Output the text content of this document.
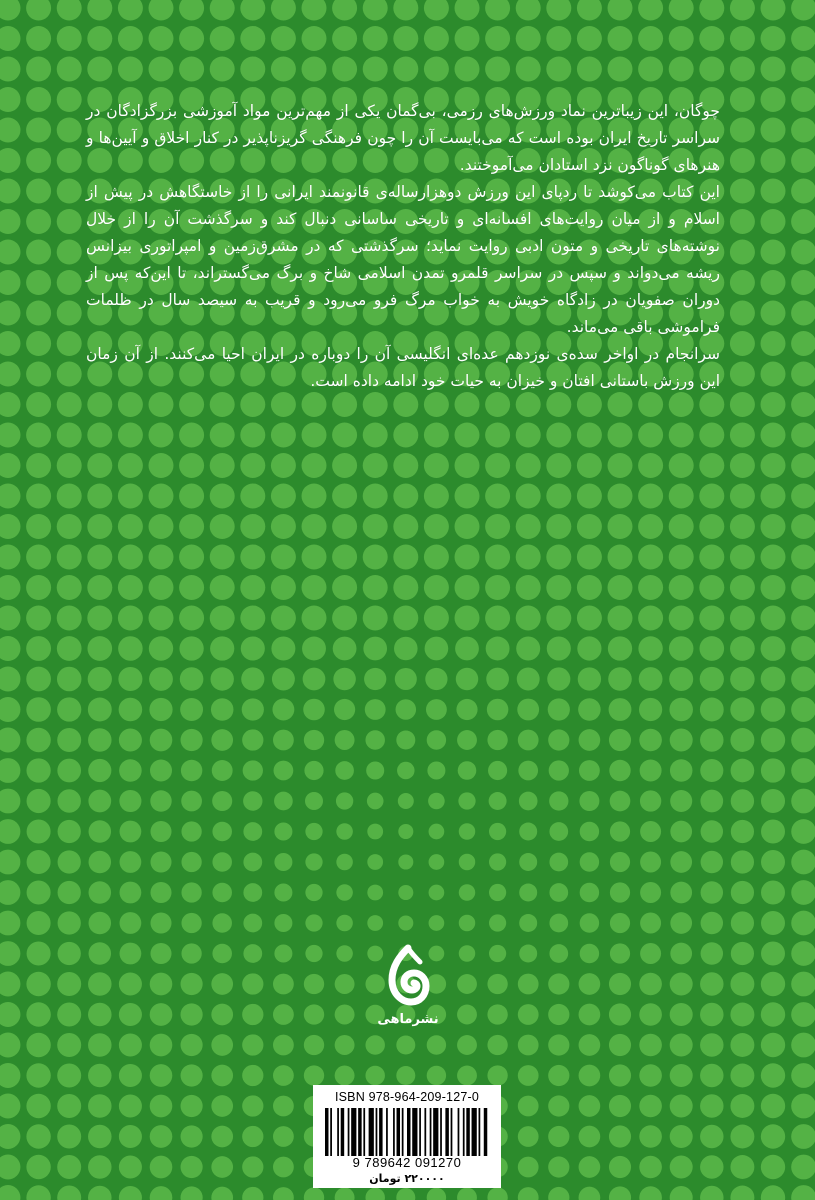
چوگان، این زیباترین نماد ورزش‌های رزمی، بی‌گمان یکی از مهم‌ترین مواد آموزشی بزرگزادگان در سراسر تاریخ ایران بوده است که می‌بایست آن را چون فرهنگی گریزناپذیر در کنار اخلاق و آیین‌ها و هنرهای گوناگون نزد استادان می‌آموختند.

این کتاب می‌کوشد تا ردپای این ورزش دوهزارساله‌ی قانونمند ایرانی را از خاستگاهش در پیش از اسلام و از میان روایت‌های افسانه‌ای و تاریخی ساسانی دنبال کند و سرگذشت آن را از خلال نوشته‌های تاریخی و متون ادبی روایت نماید؛ سرگذشتی که در مشرق‌زمین و امپراتوری بیزانس ریشه می‌دواند و سپس در سراسر قلمرو تمدن اسلامی شاخ و برگ می‌گستراند، تا این‌که پس از دوران صفویان در زادگاه خویش به خواب مرگ فرو می‌رود و قریب به سیصد سال در ظلمات فراموشی باقی می‌ماند.

سرانجام در اواخر سده‌ی نوزدهم عده‌ای انگلیسی آن را دوباره در ایران احیا می‌کنند. از آن زمان این ورزش باستانی افتان و خیزان به حیات خود ادامه داده است.

نشرماهی
ISBN 978-964-209-127-0
9 789642 091270
۲۲۰۰۰۰ تومان
